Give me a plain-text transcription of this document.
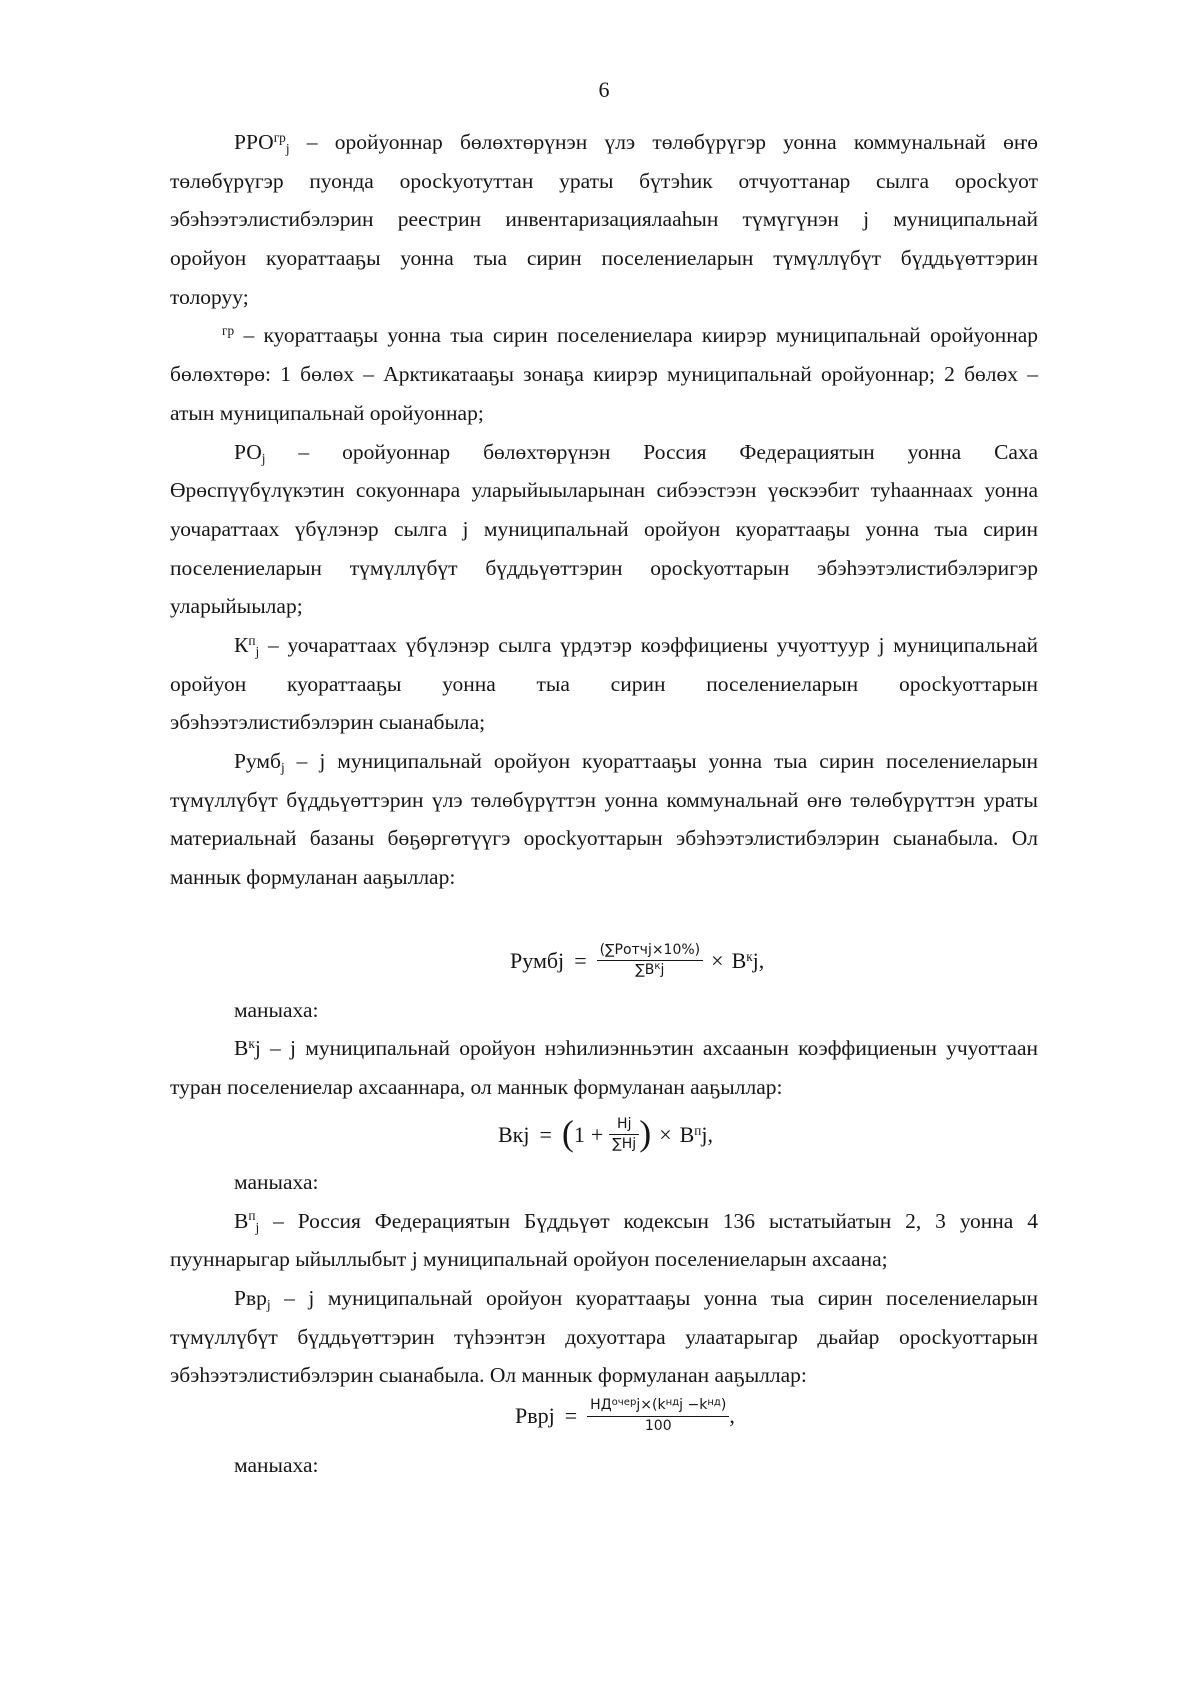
6
$РРО^{гр}j$ – оройуоннар бөлөхтөрүнэн үлэ төлөбүрүгэр уонна коммунальнай өҥө
төлөбүрүгэр пуонда оросkуотуттан ураты бүтэһик отчуоттанар сылга оросkуот
эбэһээтэлистибэлэрин реестрин инвентаризациялааһын түмүгүнэн j муниципальнай
оройуон куораттааҕы уонна тыа сирин поселениеларын түмүллүбүт бүддьүөттэрин
толоруу;
$^{гр}$ – куораттааҕы уонна тыа сирин поселениелара киирэр муниципальнай оройуоннар
бөлөхтөрө: 1 бөлөх – Арктикатааҕы зонаҕа киирэр муниципальнай оройуоннар; 2 бөлөх –
атын муниципальнай оройуоннар;
РОj – оройуоннар бөлөхтөрүнэн Россия Федерациятын уонна Саха
Өрөспүүбүлүкэтин сокуоннара уларыйыыларынан сибээстээн үөскээбит туһааннаах уонна
уочараттаах үбүлэнэр сылга j муниципальнай оройуон куораттааҕы уонна тыа сирин
поселениеларын түмүллүбүт бүддьүөттэрин оросkуоттарын эбэһээтэлистибэлэригэр
уларыйыылар;
$К^пj$ – уочараттаах үбүлэнэр сылга үрдэтэр коэффициены учуоттуур j муниципальнай
оройуон куораттааҕы уонна тыа сирин поселениеларын оросkуоттарын
эбэһээтэлистибэлэрин сыанабыла;
Румбj – j муниципальнай оройуон куораттааҕы уонна тыа сирин поселениеларын
түмүллүбүт бүддьүөттэрин үлэ төлөбүрүттэн уонна коммунальнай өҥө төлөбүрүттэн ураты
материальнай базаны бөҕөргөтүүгэ оросkуоттарын эбэһээтэлистибэлэрин сыанабыла. Ол
маннык формуланан ааҕыллар:
Румбj = $\frac{\text{(∑Ротчj×10\%)}}{\sum В^кj} \times В^кj$,
маныаха:
$В^кj$ – j муниципальнай оройуон нэһилиэнньэтин ахсаанын коэффициенын учуоттаан
туран поселениелар ахсааннара, ол маннык формуланан ааҕыллар:
Вкj = ( $1 + \frac{Нj}{\sum Нj}$ ) × $В^пj$,
маныаха:
$В^пj$ – Россия Федерациятын Бүддьүөт кодексын 136 ыстатыйатын 2, 3 уонна 4
пууннарыгар ыйыллыбыт j муниципальнай оройуон поселениеларын ахсаана;
Рврj – j муниципальнай оройуон куораттааҕы уонна тыа сирин поселениеларын
түмүллүбүт бүддьүөттэрин түһээнтэн дохуоттара улаатарыгар дьайар оросkуоттарын
эбэһээтэлистибэлэрин сыанабыла. Ол маннык формуланан ааҕыллар:
Рврj = $\frac{НД^{очер}j\times(k^{нд}j -k^{нд})}{100}$ ,
маныаха:
